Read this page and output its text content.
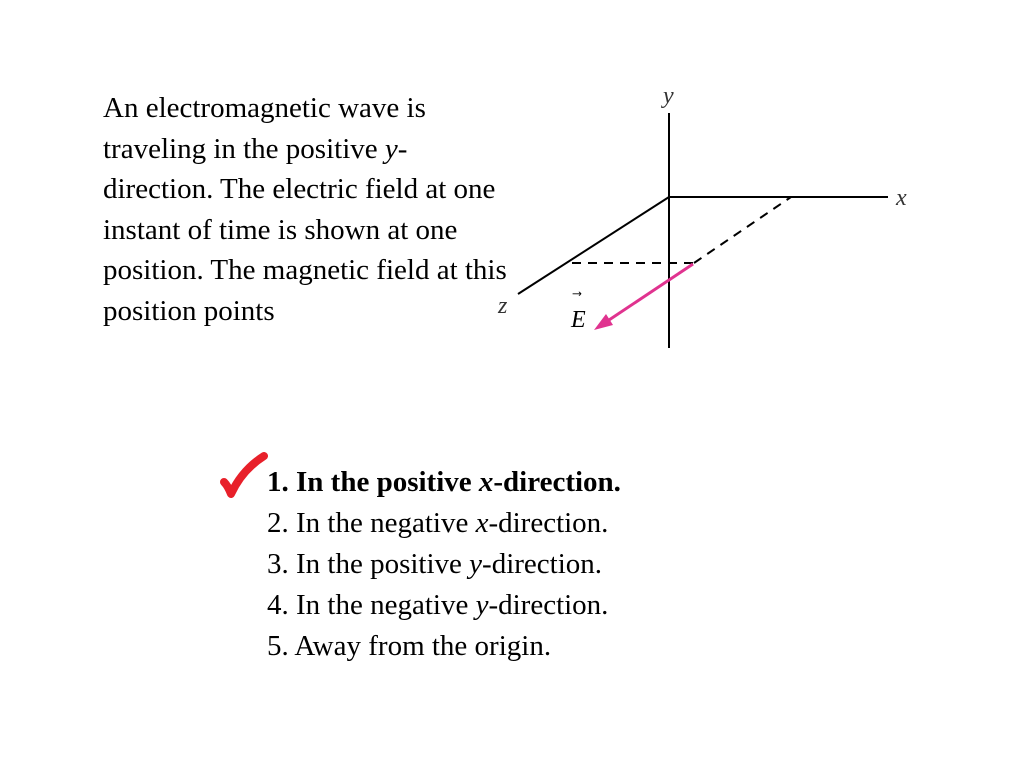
An electromagnetic wave is traveling in the positive y-direction. The electric field at one instant of time is shown at one position. The magnetic field at this position points

y
x
z
E
1. In the positive x-direction.
2. In the negative x-direction.
3. In the positive y-direction.
4. In the negative y-direction.
5. Away from the origin.
